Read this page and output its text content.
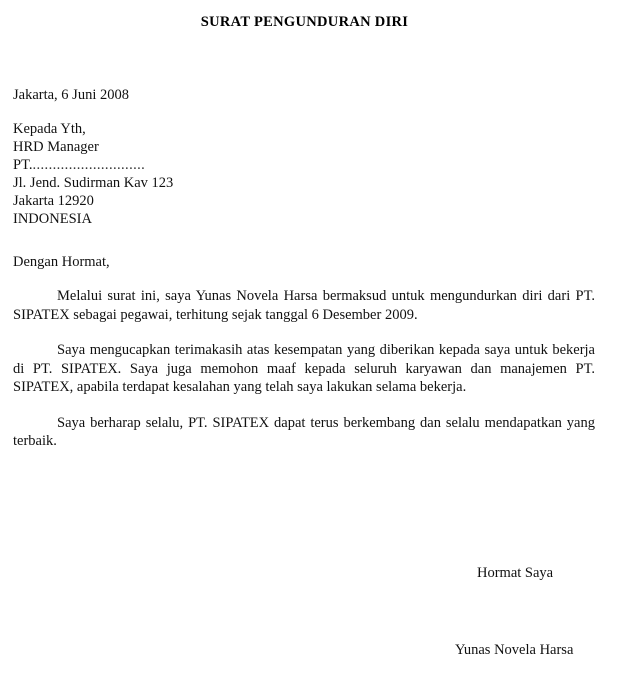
SURAT PENGUNDURAN DIRI
Jakarta, 6 Juni 2008
Kepada Yth,
HRD Manager
PT.............................
Jl. Jend. Sudirman Kav 123
Jakarta 12920
INDONESIA
Dengan Hormat,

Melalui surat ini, saya Yunas Novela Harsa bermaksud untuk mengundurkan diri dari PT. SIPATEX sebagai pegawai, terhitung sejak tanggal 6 Desember 2009.

Saya mengucapkan terimakasih atas kesempatan yang diberikan kepada saya untuk bekerja di PT. SIPATEX. Saya juga memohon maaf kepada seluruh karyawan dan manajemen PT. SIPATEX, apabila terdapat kesalahan yang telah saya lakukan selama bekerja.

Saya berharap selalu, PT. SIPATEX dapat terus berkembang dan selalu mendapatkan yang terbaik.

Hormat Saya
Yunas Novela Harsa
